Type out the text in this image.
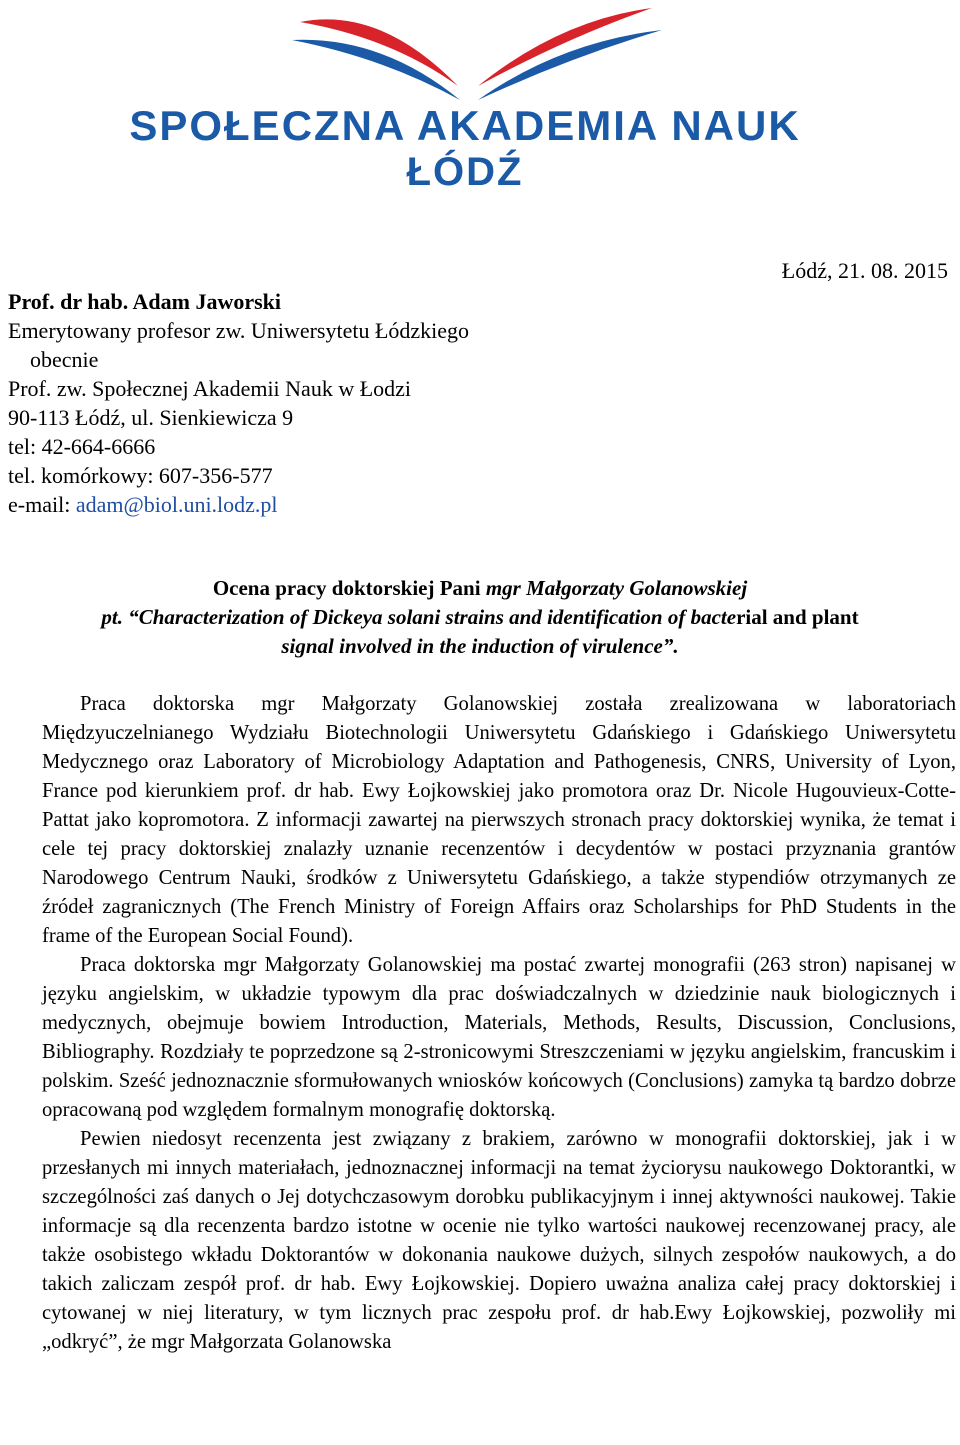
SPOŁECZNA AKADEMIA NAUK
ŁÓDŹ
Łódź, 21. 08. 2015
Prof. dr hab. Adam Jaworski
Emerytowany profesor zw. Uniwersytetu Łódzkiego
obecnie
Prof. zw. Społecznej Akademii Nauk w Łodzi
90-113 Łódź, ul. Sienkiewicza 9
tel: 42-664-6666
tel. komórkowy: 607-356-577
e-mail: adam@biol.uni.lodz.pl
Ocena pracy doktorskiej Pani mgr Małgorzaty Golanowskiej
pt. “Characterization of Dickeya solani strains and identification of bacterial and plant
signal involved in the induction of virulence”.

Praca doktorska mgr Małgorzaty Golanowskiej została zrealizowana w laboratoriach Międzyuczelnianego Wydziału Biotechnologii Uniwersytetu Gdańskiego i Gdańskiego Uniwersytetu Medycznego oraz Laboratory of Microbiology Adaptation and Pathogenesis, CNRS, University of Lyon, France pod kierunkiem prof. dr hab. Ewy Łojkowskiej jako promotora oraz Dr. Nicole Hugouvieux-Cotte-Pattat jako kopromotora. Z informacji zawartej na pierwszych stronach pracy doktorskiej wynika, że temat i cele tej pracy doktorskiej znalazły uznanie recenzentów i decydentów w postaci przyznania grantów Narodowego Centrum Nauki, środków z Uniwersytetu Gdańskiego, a także stypendiów otrzymanych ze źródeł zagranicznych (The French Ministry of Foreign Affairs oraz Scholarships for PhD Students in the frame of the European Social Found).

Praca doktorska mgr Małgorzaty Golanowskiej ma postać zwartej monografii (263 stron) napisanej w języku angielskim, w układzie typowym dla prac doświadczalnych w dziedzinie nauk biologicznych i medycznych, obejmuje bowiem Introduction, Materials, Methods, Results, Discussion, Conclusions, Bibliography. Rozdziały te poprzedzone są 2-stronicowymi Streszczeniami w języku angielskim, francuskim i polskim. Sześć jednoznacznie sformułowanych wniosków końcowych (Conclusions) zamyka tą bardzo dobrze opracowaną pod względem formalnym monografię doktorską.

Pewien niedosyt recenzenta jest związany z brakiem, zarówno w monografii doktorskiej, jak i w przesłanych mi innych materiałach, jednoznacznej informacji na temat życiorysu naukowego Doktorantki, w szczególności zaś danych o Jej dotychczasowym dorobku publikacyjnym i innej aktywności naukowej. Takie informacje są dla recenzenta bardzo istotne w ocenie nie tylko wartości naukowej recenzowanej pracy, ale także osobistego wkładu Doktorantów w dokonania naukowe dużych, silnych zespołów naukowych, a do takich zaliczam zespół prof. dr hab. Ewy Łojkowskiej. Dopiero uważna analiza całej pracy doktorskiej i cytowanej w niej literatury, w tym licznych prac zespołu prof. dr hab.Ewy Łojkowskiej, pozwoliły mi „odkryć”, że mgr Małgorzata Golanowska
